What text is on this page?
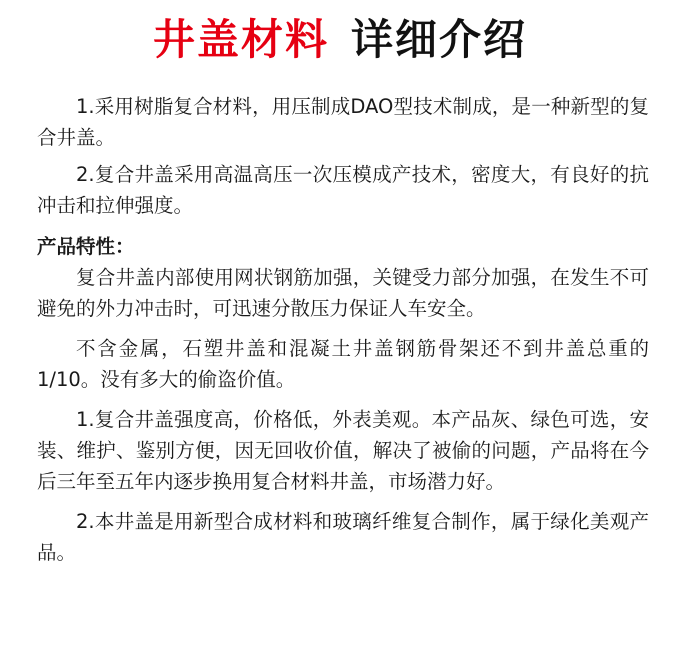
井盖材料 详细介绍

1.采用树脂复合材料，用压制成DAO型技术制成，是一种新型的复合井盖。

2.复合井盖采用高温高压一次压模成产技术，密度大，有良好的抗冲击和拉伸强度。

产品特性：

复合井盖内部使用网状钢筋加强，关键受力部分加强，在发生不可避免的外力冲击时，可迅速分散压力保证人车安全。

不含金属，石塑井盖和混凝土井盖钢筋骨架还不到井盖总重的1/10。没有多大的偷盗价值。

1.复合井盖强度高，价格低，外表美观。本产品灰、绿色可选，安装、维护、鉴别方便，因无回收价值，解决了被偷的问题，产品将在今后三年至五年内逐步换用复合材料井盖，市场潜力好。

2.本井盖是用新型合成材料和玻璃纤维复合制作，属于绿化美观产品。
